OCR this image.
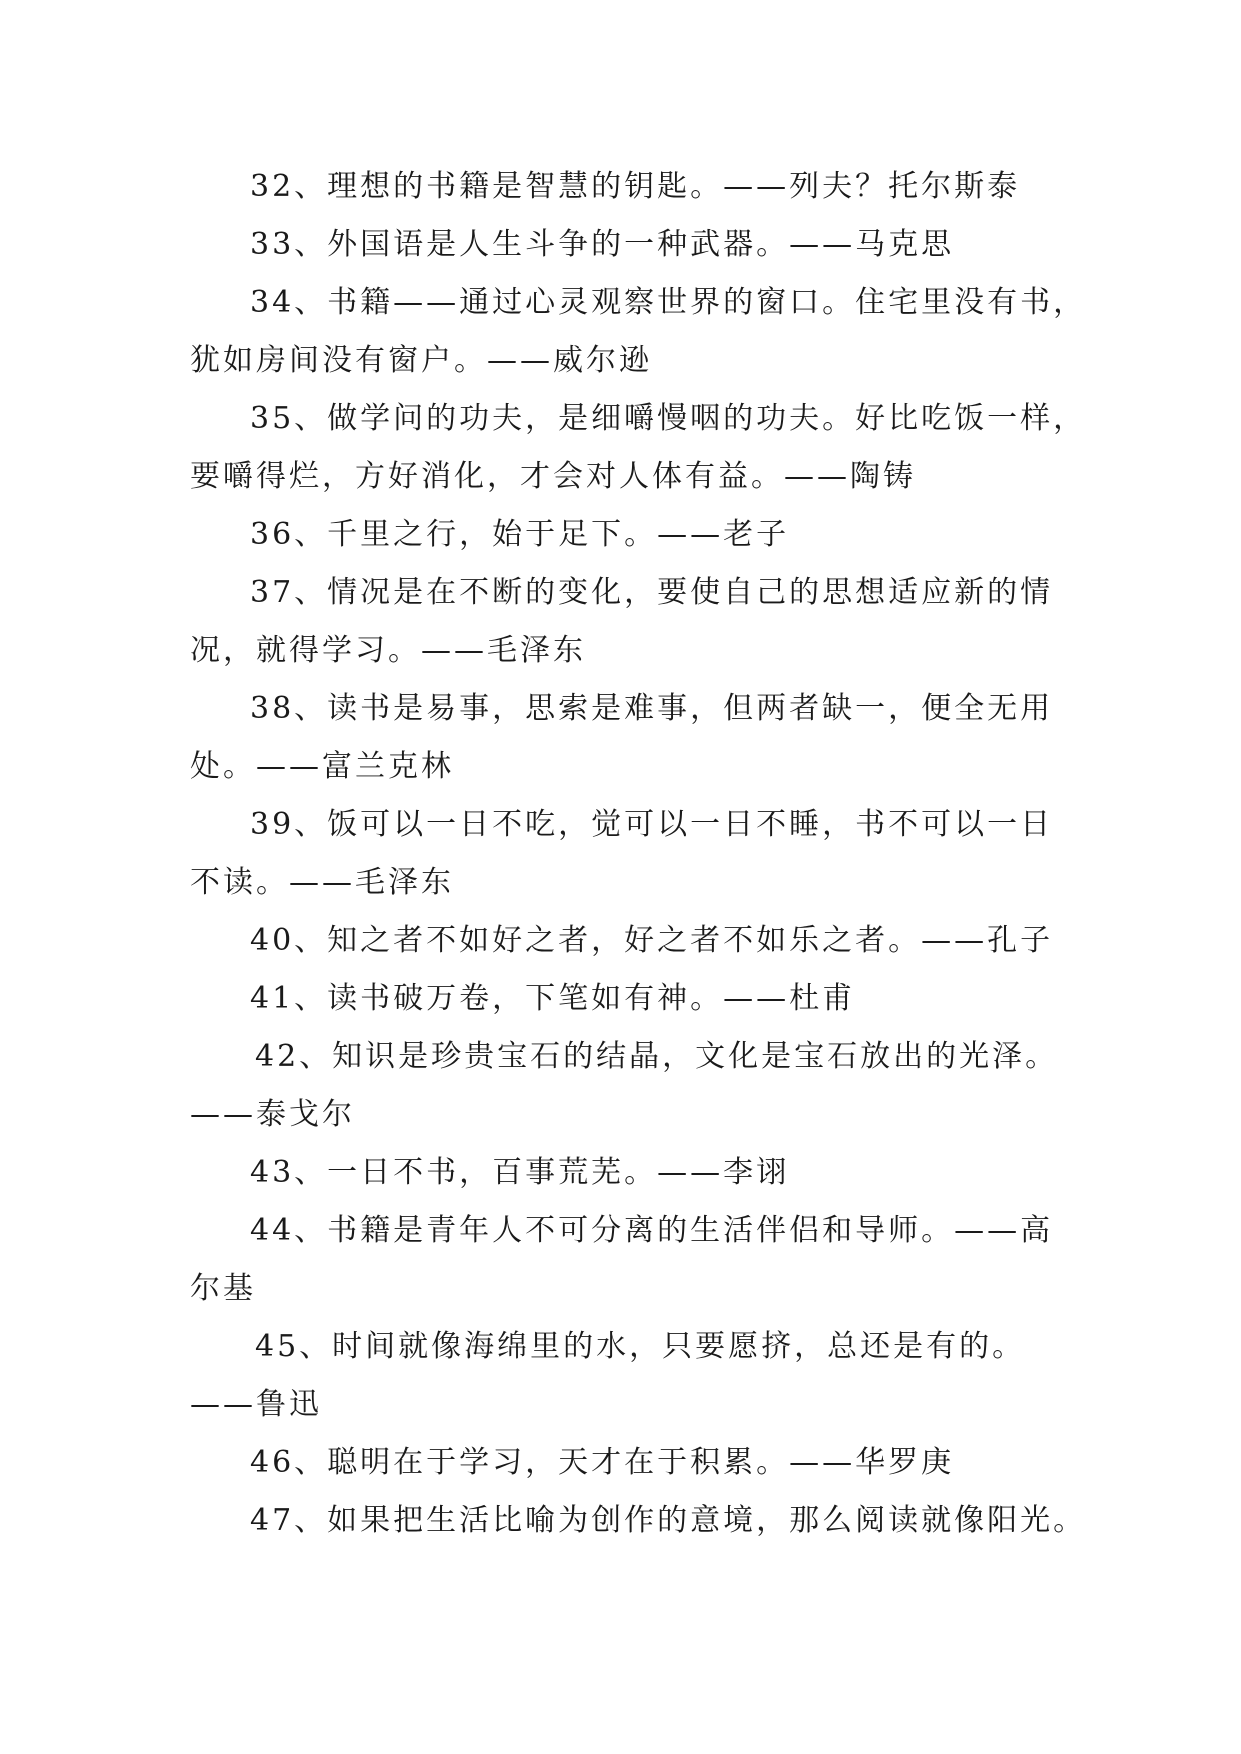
32、理想的书籍是智慧的钥匙。——列夫？托尔斯泰
33、外国语是人生斗争的一种武器。——马克思
34、书籍——通过心灵观察世界的窗口。住宅里没有书，
犹如房间没有窗户。——威尔逊
35、做学问的功夫，是细嚼慢咽的功夫。好比吃饭一样，
要嚼得烂，方好消化，才会对人体有益。——陶铸
36、千里之行，始于足下。——老子
37、情况是在不断的变化，要使自己的思想适应新的情
况，就得学习。——毛泽东
38、读书是易事，思索是难事，但两者缺一，便全无用
处。——富兰克林
39、饭可以一日不吃，觉可以一日不睡，书不可以一日
不读。——毛泽东
40、知之者不如好之者，好之者不如乐之者。——孔子
41、读书破万卷，下笔如有神。——杜甫
42、知识是珍贵宝石的结晶，文化是宝石放出的光泽。
——泰戈尔
43、一日不书，百事荒芜。——李诩
44、书籍是青年人不可分离的生活伴侣和导师。——高
尔基
45、时间就像海绵里的水，只要愿挤，总还是有的。
——鲁迅
46、聪明在于学习，天才在于积累。——华罗庚
47、如果把生活比喻为创作的意境，那么阅读就像阳光。
